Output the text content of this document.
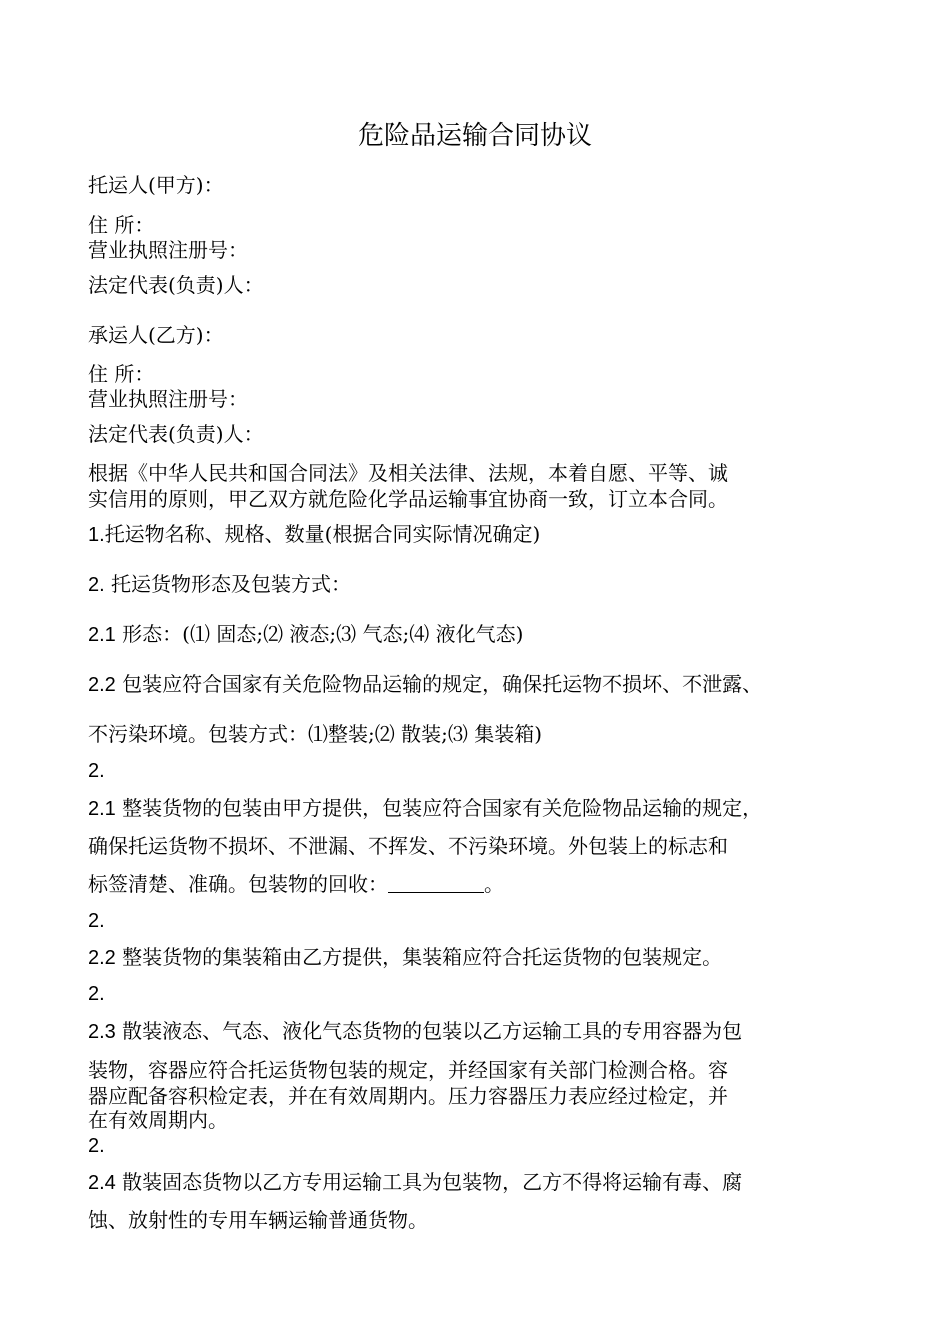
危险品运输合同协议
托运人(甲方)：
住 所：
营业执照注册号：
法定代表(负责)人：
承运人(乙方)：
住 所：
营业执照注册号：
法定代表(负责)人：
根据《中华人民共和国合同法》及相关法律、法规，本着自愿、平等、诚
实信用的原则，甲乙双方就危险化学品运输事宜协商一致，订立本合同。
1.托运物名称、规格、数量(根据合同实际情况确定)
2. 托运货物形态及包装方式：
2.1 形态：(⑴ 固态;⑵ 液态;⑶ 气态;⑷ 液化气态)
2.2 包装应符合国家有关危险物品运输的规定，确保托运物不损坏、不泄露、
不污染环境。包装方式：⑴整装;⑵ 散装;⑶ 集装箱)
2.
2.1 整装货物的包装由甲方提供，包装应符合国家有关危险物品运输的规定，
确保托运货物不损坏、不泄漏、不挥发、不污染环境。外包装上的标志和
标签清楚、准确。包装物的回收：	。
2.
2.2 整装货物的集装箱由乙方提供，集装箱应符合托运货物的包装规定。
2.
2.3 散装液态、气态、液化气态货物的包装以乙方运输工具的专用容器为包
装物，容器应符合托运货物包装的规定，并经国家有关部门检测合格。容
器应配备容积检定表，并在有效周期内。压力容器压力表应经过检定，并
在有效周期内。
2.
2.4 散装固态货物以乙方专用运输工具为包装物，乙方不得将运输有毒、腐
蚀、放射性的专用车辆运输普通货物。
